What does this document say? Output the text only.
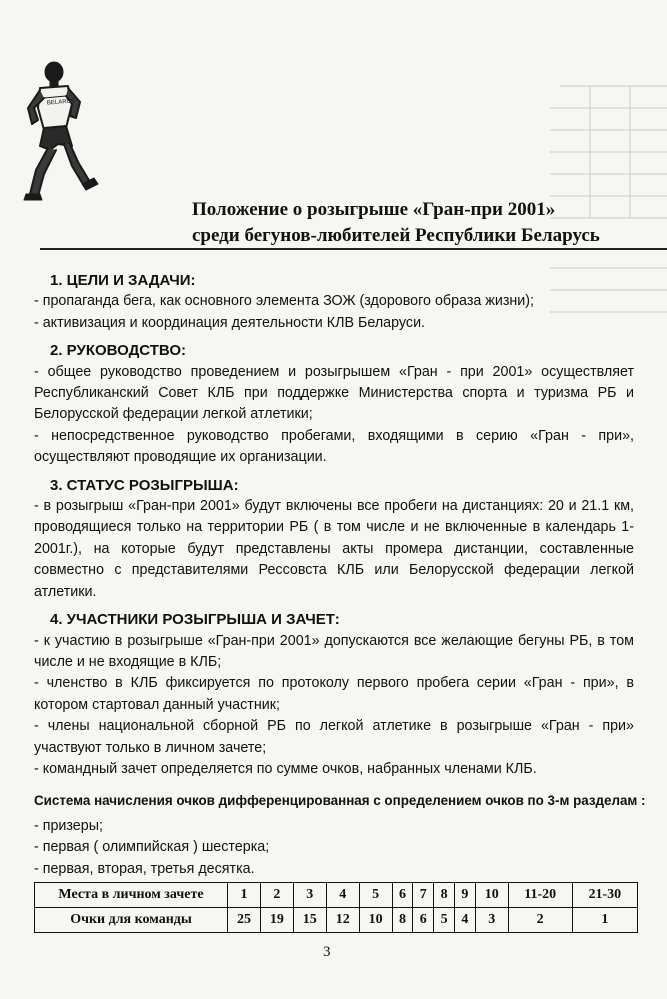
BELARUS
Положение о розыгрыше «Гран-при 2001»
среди бегунов-любителей Республики Беларусь
1. ЦЕЛИ И ЗАДАЧИ:

- пропаганда бега, как основного элемента ЗОЖ (здорового образа жизни);

- активизация и координация деятельности КЛВ Беларуси.

2. РУКОВОДСТВО:

- общее руководство проведением и розыгрышем «Гран - при 2001» осуществляет Республиканский Совет КЛБ при поддержке Министерства спорта и туризма РБ и Белорусской федерации легкой атлетики;

- непосредственное руководство пробегами, входящими в серию «Гран - при», осуществляют проводящие их организации.

3. СТАТУС РОЗЫГРЫША:

- в розыгрыш «Гран-при 2001» будут включены все пробеги на дистанциях: 20 и 21.1 км, проводящиеся только на территории РБ ( в том числе и не включенные в календарь 1-2001г.), на которые будут представлены акты промера дистанции, составленные совместно с представителями Рессовста КЛБ или Белорусской федерации легкой атлетики.

4. УЧАСТНИКИ РОЗЫГРЫША И ЗАЧЕТ:

- к участию в розыгрыше «Гран-при 2001» допускаются все желающие бегуны РБ, в том числе и не входящие в КЛБ;

- членство в КЛБ фиксируется по протоколу первого пробега серии «Гран - при», в котором стартовал данный участник;

- члены национальной сборной РБ по легкой атлетике в розыгрыше «Гран - при» участвуют только в личном зачете;

- командный зачет определяется по сумме очков, набранных членами КЛБ.

Система начисления очков дифференцированная с определением очков по 3-м разделам :

- призеры;

- первая ( олимпийская ) шестерка;

- первая, вторая, третья десятка.

Места в личном зачете	1	2	3	4	5	6	7	8	9	10	11-20	21-30
Очки для команды	25	19	15	12	10	8	6	5	4	3	2	1
3
